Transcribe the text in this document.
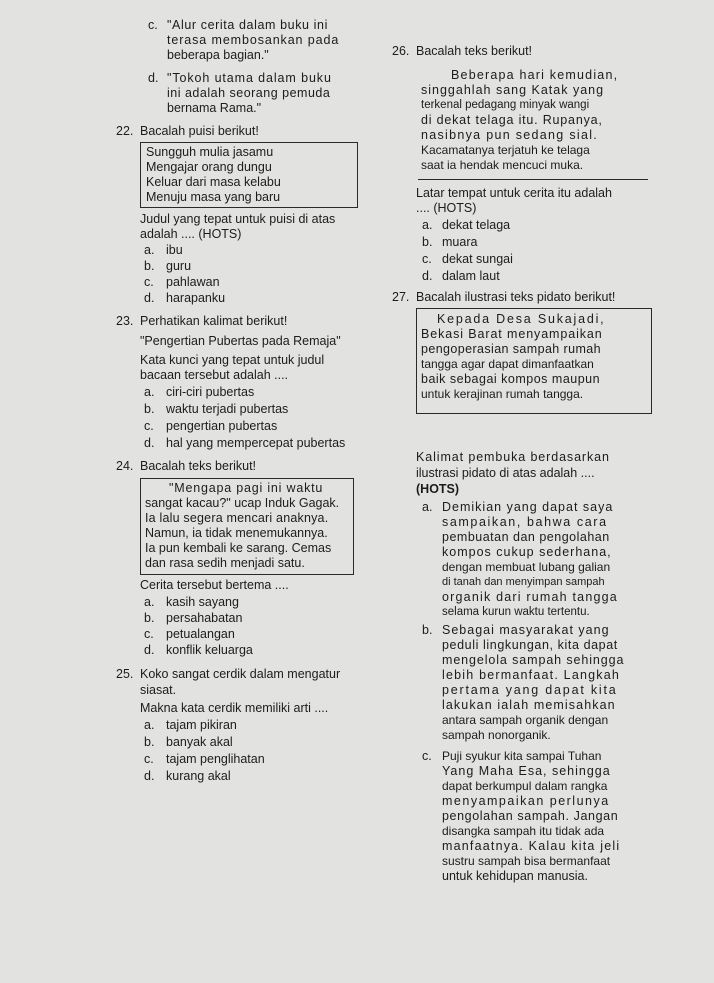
c. "Alur cerita dalam buku ini
terasa membosankan pada
beberapa bagian."
d. "Tokoh utama dalam buku
ini adalah seorang pemuda
bernama Rama."
22. Bacalah puisi berikut!
Sungguh mulia jasamu
Mengajar orang dungu
Keluar dari masa kelabu
Menuju masa yang baru
Judul yang tepat untuk puisi di atas
adalah .... (HOTS)
a. ibu
b. guru
c. pahlawan
d. harapanku
23. Perhatikan kalimat berikut!
"Pengertian Pubertas pada Remaja"
Kata kunci yang tepat untuk judul
bacaan tersebut adalah ....
a. ciri-ciri pubertas
b. waktu terjadi pubertas
c. pengertian pubertas
d. hal yang mempercepat pubertas
24. Bacalah teks berikut!
"Mengapa pagi ini waktu
sangat kacau?" ucap Induk Gagak.
Ia lalu segera mencari anaknya.
Namun, ia tidak menemukannya.
Ia pun kembali ke sarang. Cemas
dan rasa sedih menjadi satu.
Cerita tersebut bertema ....
a. kasih sayang
b. persahabatan
c. petualangan
d. konflik keluarga
25. Koko sangat cerdik dalam mengatur
siasat.
Makna kata cerdik memiliki arti ....
a. tajam pikiran
b. banyak akal
c. tajam penglihatan
d. kurang akal
26. Bacalah teks berikut!
Beberapa hari kemudian,
singgahlah sang Katak yang
terkenal pedagang minyak wangi
di dekat telaga itu. Rupanya,
nasibnya pun sedang sial.
Kacamatanya terjatuh ke telaga
saat ia hendak mencuci muka.
Latar tempat untuk cerita itu adalah
.... (HOTS)
a. dekat telaga
b. muara
c. dekat sungai
d. dalam laut
27. Bacalah ilustrasi teks pidato berikut!
Kepada Desa Sukajadi,
Bekasi Barat menyampaikan
pengoperasian sampah rumah
tangga agar dapat dimanfaatkan
baik sebagai kompos maupun
untuk kerajinan rumah tangga.
Kalimat pembuka berdasarkan
ilustrasi pidato di atas adalah ....
(HOTS)
a. Demikian yang dapat saya
sampaikan, bahwa cara
pembuatan dan pengolahan
kompos cukup sederhana,
dengan membuat lubang galian
di tanah dan menyimpan sampah
organik dari rumah tangga
selama kurun waktu tertentu.
b. Sebagai masyarakat yang
peduli lingkungan, kita dapat
mengelola sampah sehingga
lebih bermanfaat. Langkah
pertama yang dapat kita
lakukan ialah memisahkan
antara sampah organik dengan
sampah nonorganik.
c. Puji syukur kita sampai Tuhan
Yang Maha Esa, sehingga
dapat berkumpul dalam rangka
menyampaikan perlunya
pengolahan sampah. Jangan
disangka sampah itu tidak ada
manfaatnya. Kalau kita jeli
sustru sampah bisa bermanfaat
untuk kehidupan manusia.
